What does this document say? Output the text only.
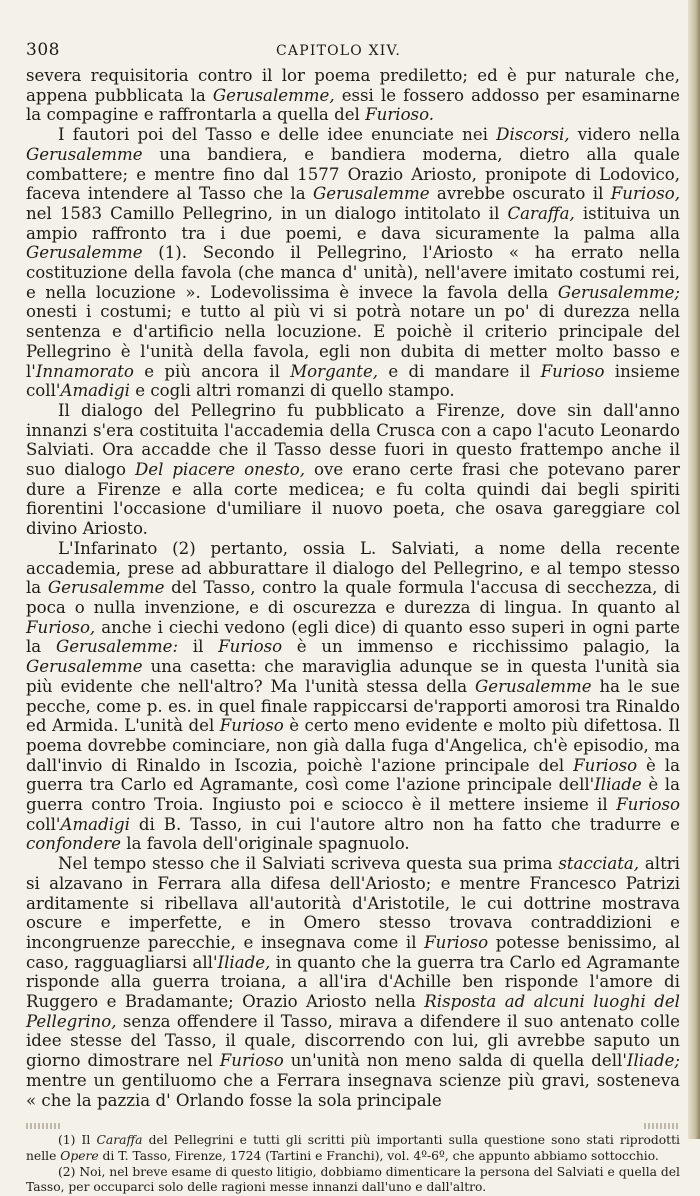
308	CAPITOLO XIV.

severa requisitoria contro il lor poema prediletto; ed è pur naturale che, appena pubblicata la Gerusalemme, essi le fossero addosso per esaminarne la compagine e raffrontarla a quella del Furioso.

I fautori poi del Tasso e delle idee enunciate nei Discorsi, videro nella Gerusalemme una bandiera, e bandiera moderna, dietro alla quale combattere; e mentre fino dal 1577 Orazio Ariosto, pronipote di Lodovico, faceva intendere al Tasso che la Gerusalemme avrebbe oscurato il Furioso, nel 1583 Camillo Pellegrino, in un dialogo intitolato il Caraffa, istituiva un ampio raffronto tra i due poemi, e dava sicuramente la palma alla Gerusalemme (1). Secondo il Pellegrino, l'Ariosto « ha errato nella costituzione della favola (che manca d' unità), nell'avere imitato costumi rei, e nella locuzione ». Lodevolissima è invece la favola della Gerusalemme; onesti i costumi; e tutto al più vi si potrà notare un po' di durezza nella sentenza e d'artificio nella locuzione. E poichè il criterio principale del Pellegrino è l'unità della favola, egli non dubita di metter molto basso e l'Innamorato e più ancora il Morgante, e di mandare il Furioso insieme coll'Amadigi e cogli altri romanzi di quello stampo.

Il dialogo del Pellegrino fu pubblicato a Firenze, dove sin dall'anno innanzi s'era costituita l'accademia della Crusca con a capo l'acuto Leonardo Salviati. Ora accadde che il Tasso desse fuori in questo frattempo anche il suo dialogo Del piacere onesto, ove erano certe frasi che potevano parer dure a Firenze e alla corte medicea; e fu colta quindi dai begli spiriti fiorentini l'occasione d'umiliare il nuovo poeta, che osava gareggiare col divino Ariosto.

L'Infarinato (2) pertanto, ossia L. Salviati, a nome della recente accademia, prese ad abburattare il dialogo del Pellegrino, e al tempo stesso la Gerusalemme del Tasso, contro la quale formula l'accusa di secchezza, di poca o nulla invenzione, e di oscurezza e durezza di lingua. In quanto al Furioso, anche i ciechi vedono (egli dice) di quanto esso superi in ogni parte la Gerusalemme: il Furioso è un immenso e ricchissimo palagio, la Gerusalemme una casetta: che maraviglia adunque se in questa l'unità sia più evidente che nell'altro? Ma l'unità stessa della Gerusalemme ha le sue pecche, come p. es. in quel finale rappiccarsi de'rapporti amorosi tra Rinaldo ed Armida. L'unità del Furioso è certo meno evidente e molto più difettosa. Il poema dovrebbe cominciare, non già dalla fuga d'Angelica, ch'è episodio, ma dall'invio di Rinaldo in Iscozia, poichè l'azione principale del Furioso è la guerra tra Carlo ed Agramante, così come l'azione principale dell'Iliade è la guerra contro Troia. Ingiusto poi e sciocco è il mettere insieme il Furioso coll'Amadigi di B. Tasso, in cui l'autore altro non ha fatto che tradurre e confondere la favola dell'originale spagnuolo.

Nel tempo stesso che il Salviati scriveva questa sua prima stacciata, altri si alzavano in Ferrara alla difesa dell'Ariosto; e mentre Francesco Patrizi arditamente si ribellava all'autorità d'Aristotile, le cui dottrine mostrava oscure e imperfette, e in Omero stesso trovava contraddizioni e incongruenze parecchie, e insegnava come il Furioso potesse benissimo, al caso, ragguagliarsi all'Iliade, in quanto che la guerra tra Carlo ed Agramante risponde alla guerra troiana, a all'ira d'Achille ben risponde l'amore di Ruggero e Bradamante; Orazio Ariosto nella Risposta ad alcuni luoghi del Pellegrino, senza offendere il Tasso, mirava a difendere il suo antenato colle idee stesse del Tasso, il quale, discorrendo con lui, gli avrebbe saputo un giorno dimostrare nel Furioso un'unità non meno salda di quella dell'Iliade; mentre un gentiluomo che a Ferrara insegnava scienze più gravi, sosteneva « che la pazzia d' Orlando fosse la sola principale

(1) Il Caraffa del Pellegrini e tutti gli scritti più importanti sulla questione sono stati riprodotti nelle Opere di T. Tasso, Firenze, 1724 (Tartini e Franchi), vol. 4º-6º, che appunto abbiamo sottocchio.

(2) Noi, nel breve esame di questo litigio, dobbiamo dimenticare la persona del Salviati e quella del Tasso, per occuparci solo delle ragioni messe innanzi dall'uno e dall'altro.
